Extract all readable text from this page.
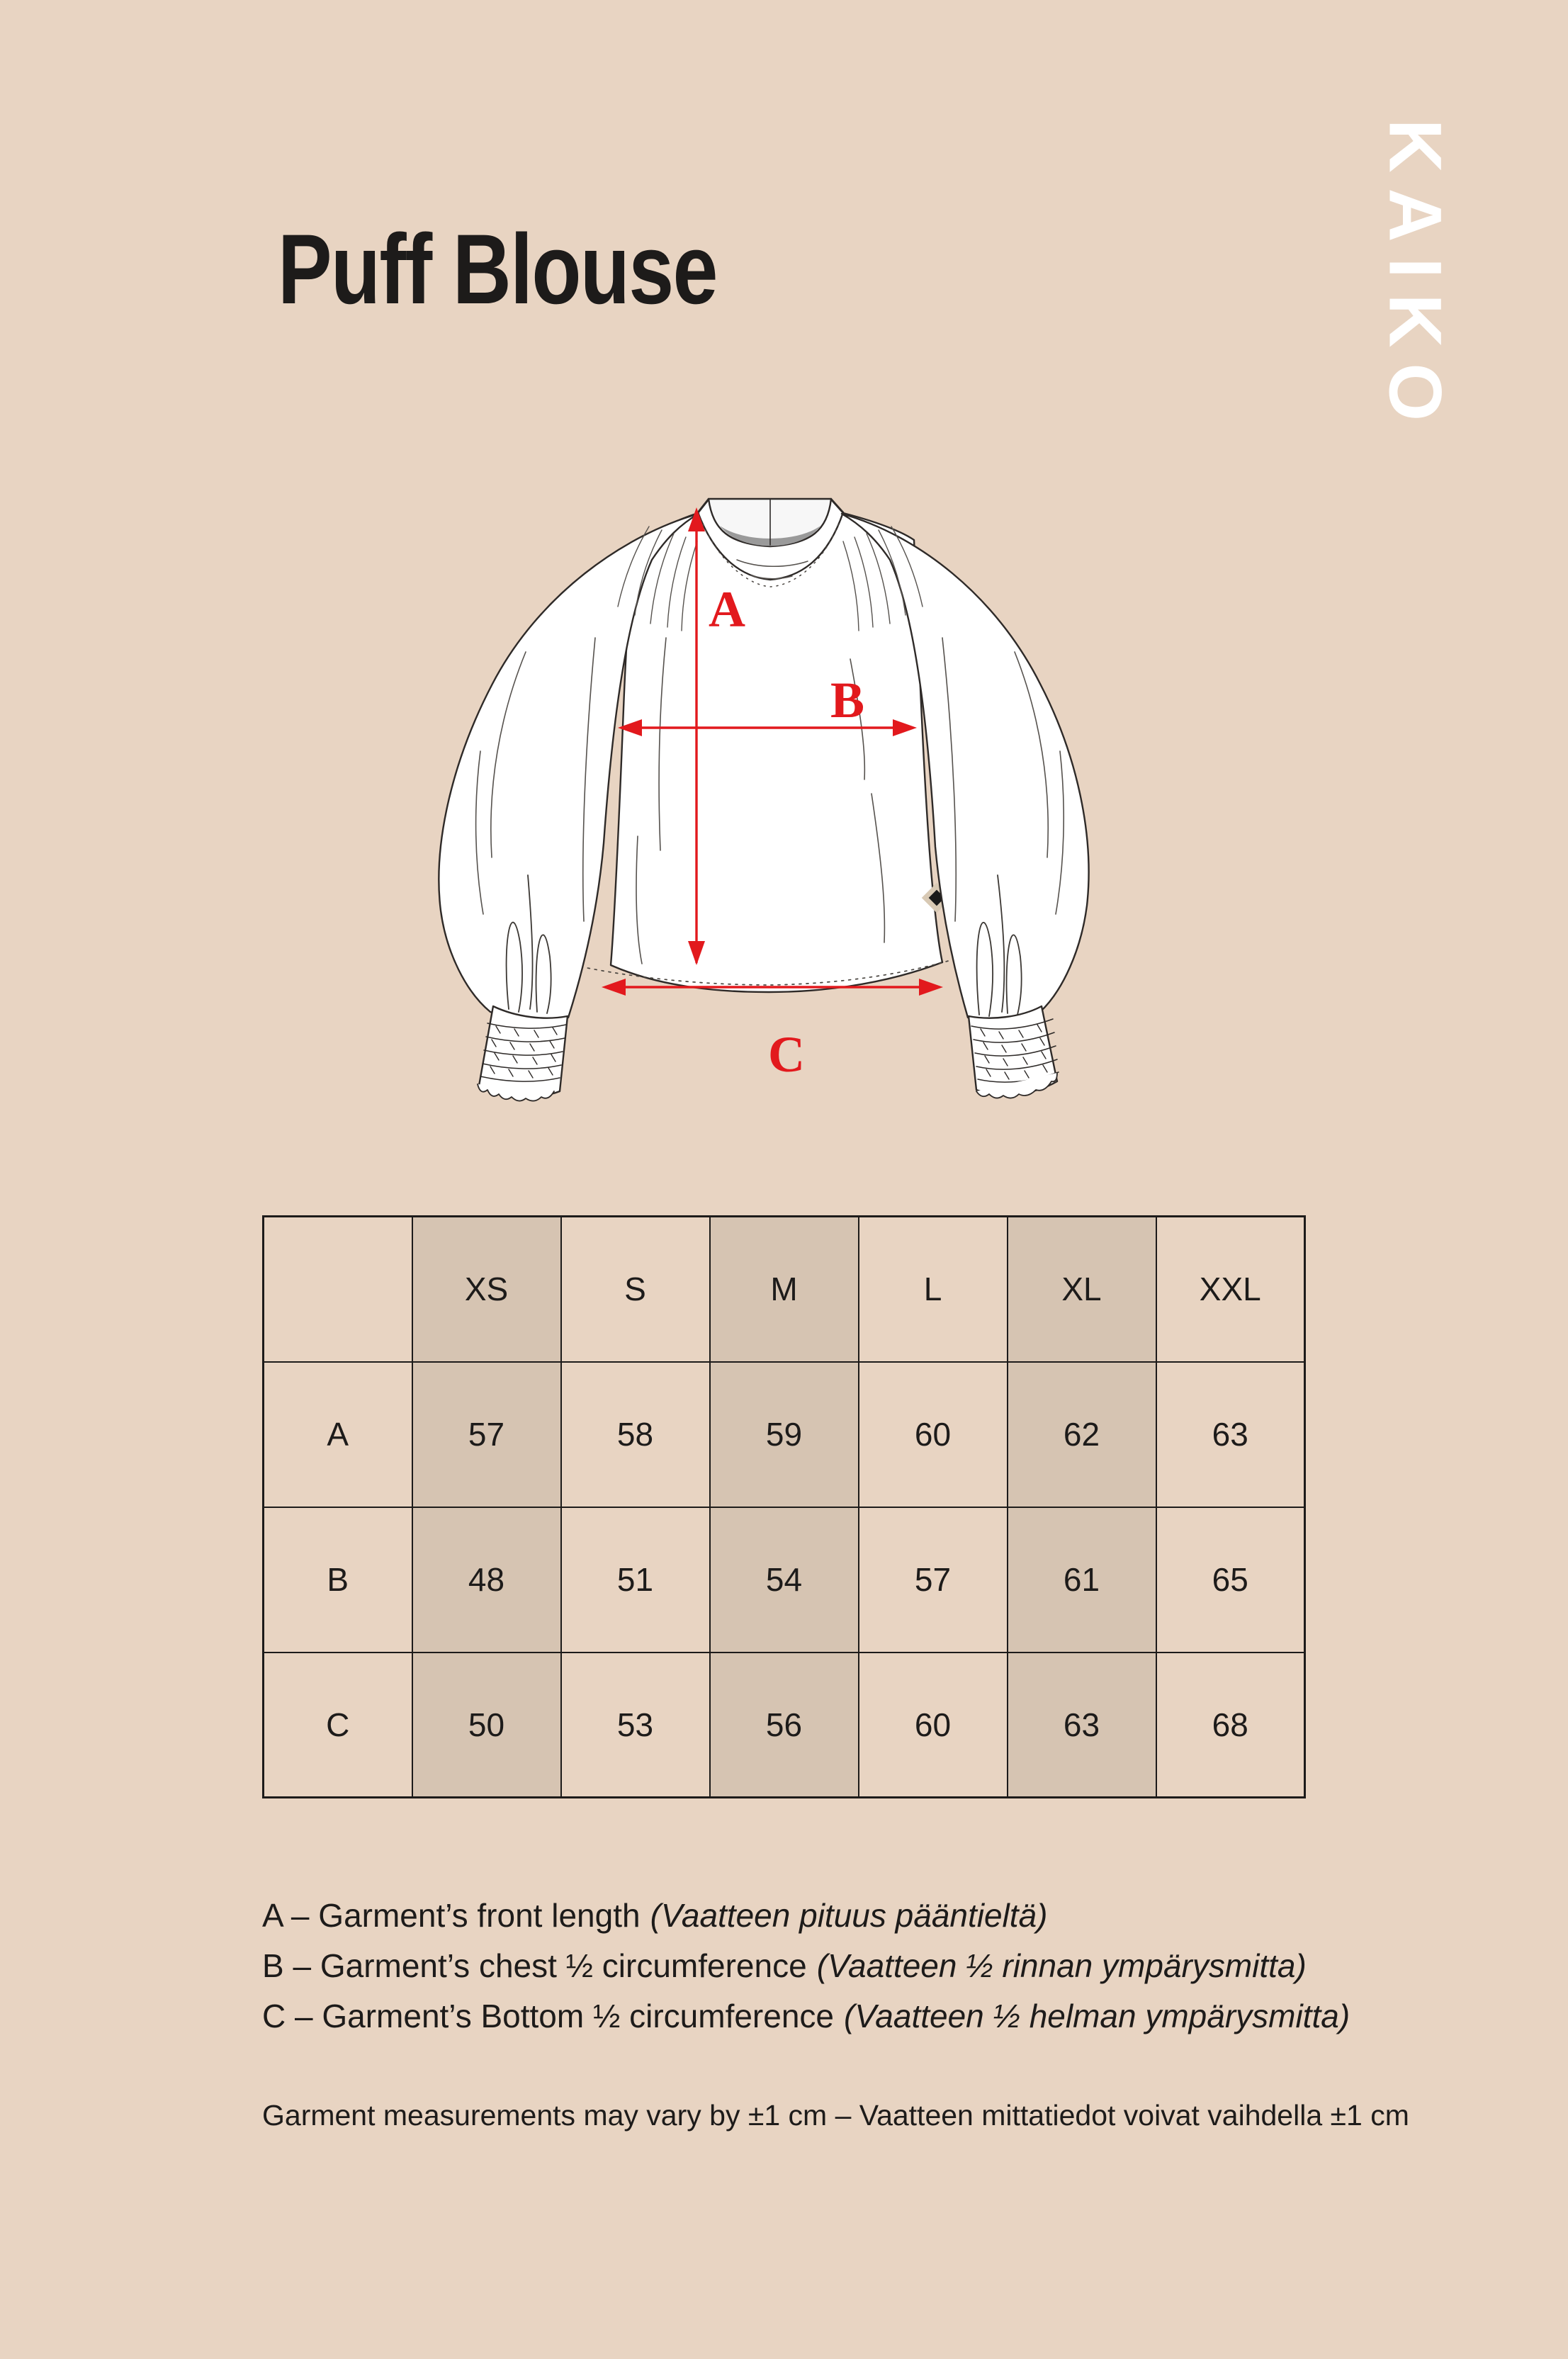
Puff Blouse	KAIKO
A
B
C
	XS	S	M	L	XL	XXL
A	57	58	59	60	62	63
B	48	51	54	57	61	65
C	50	53	56	60	63	68
A – Garment’s front length (Vaatteen pituus pääntieltä)
B – Garment’s chest ½ circumference (Vaatteen ½ rinnan ympärysmitta)
C – Garment’s Bottom ½ circumference (Vaatteen ½ helman ympärysmitta)
Garment measurements may vary by ±1 cm – Vaatteen mittatiedot voivat vaihdella ±1 cm
